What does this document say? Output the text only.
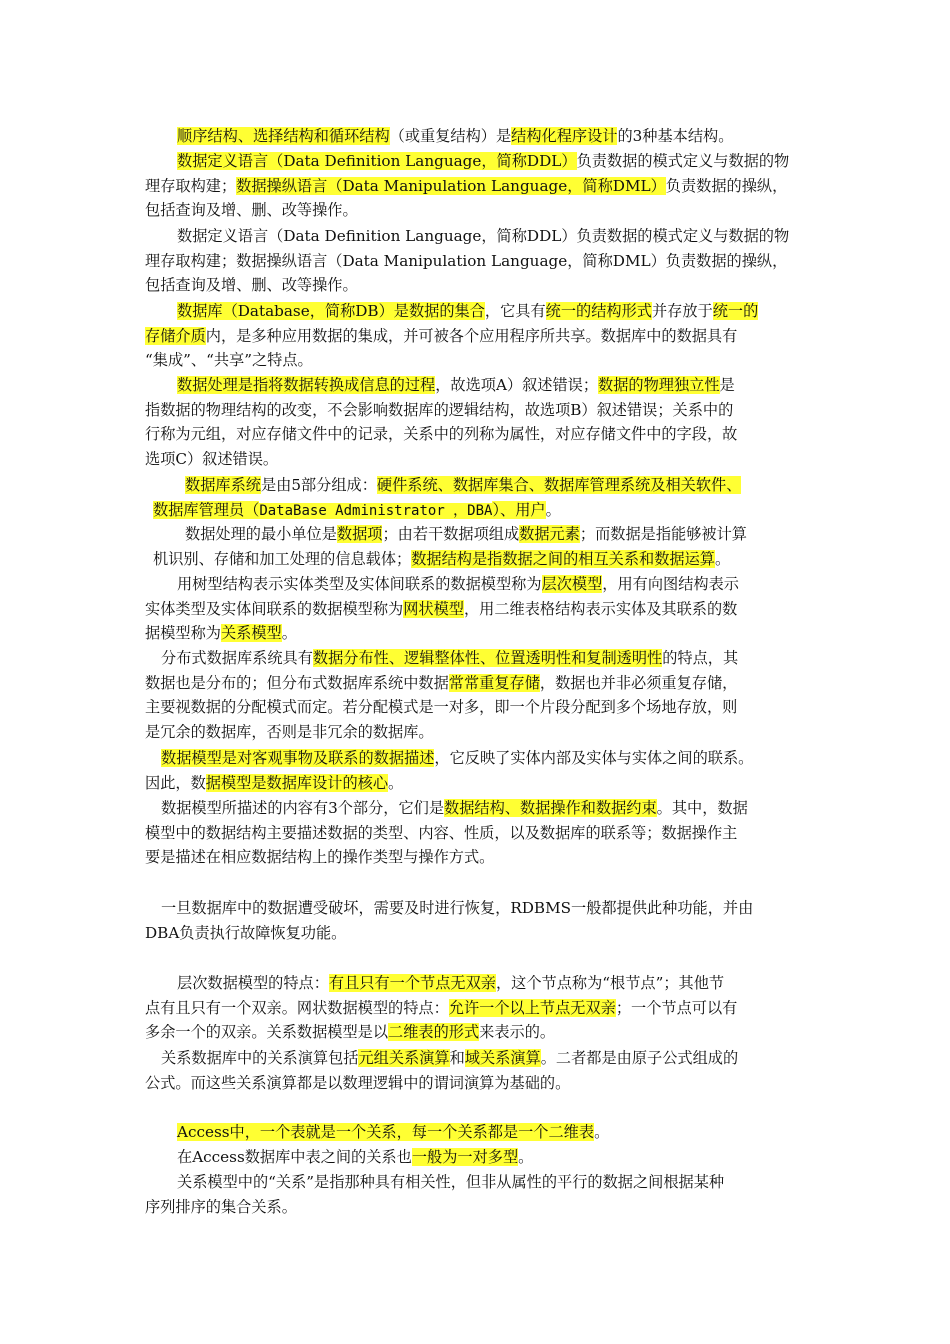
顺序结构、选择结构和循环结构（或重复结构）是结构化程序设计的3种基本结构。
数据定义语言（Data Definition Language，简称DDL）负责数据的模式定义与数据的物
理存取构建；数据操纵语言（Data Manipulation Language，简称DML）负责数据的操纵，
包括查询及增、删、改等操作。
数据定义语言（Data Definition Language，简称DDL）负责数据的模式定义与数据的物
理存取构建；数据操纵语言（Data Manipulation Language，简称DML）负责数据的操纵，
包括查询及增、删、改等操作。
数据库（Database，简称DB）是数据的集合，它具有统一的结构形式并存放于统一的
存储介质内，是多种应用数据的集成，并可被各个应用程序所共享。数据库中的数据具有
“集成”、“共享”之特点。
数据处理是指将数据转换成信息的过程，故选项A）叙述错误；数据的物理独立性是
指数据的物理结构的改变，不会影响数据库的逻辑结构，故选项B）叙述错误；关系中的
行称为元组，对应存储文件中的记录，关系中的列称为属性，对应存储文件中的字段，故
选项C）叙述错误。
数据库系统是由5部分组成：硬件系统、数据库集合、数据库管理系统及相关软件、
数据库管理员（DataBase Administrator ，DBA）、用户。
数据处理的最小单位是数据项；由若干数据项组成数据元素；而数据是指能够被计算
机识别、存储和加工处理的信息载体；数据结构是指数据之间的相互关系和数据运算。
用树型结构表示实体类型及实体间联系的数据模型称为层次模型，用有向图结构表示
实体类型及实体间联系的数据模型称为网状模型，用二维表格结构表示实体及其联系的数
据模型称为关系模型。
分布式数据库系统具有数据分布性、逻辑整体性、位置透明性和复制透明性的特点，其
数据也是分布的；但分布式数据库系统中数据常常重复存储，数据也并非必须重复存储，
主要视数据的分配模式而定。若分配模式是一对多，即一个片段分配到多个场地存放，则
是冗余的数据库，否则是非冗余的数据库。
数据模型是对客观事物及联系的数据描述，它反映了实体内部及实体与实体之间的联系。
因此，数据模型是数据库设计的核心。
数据模型所描述的内容有3个部分，它们是数据结构、数据操作和数据约束。其中，数据
模型中的数据结构主要描述数据的类型、内容、性质，以及数据库的联系等；数据操作主
要是描述在相应数据结构上的操作类型与操作方式。
一旦数据库中的数据遭受破坏，需要及时进行恢复，RDBMS一般都提供此种功能，并由
DBA负责执行故障恢复功能。
层次数据模型的特点：有且只有一个节点无双亲，这个节点称为“根节点”；其他节
点有且只有一个双亲。网状数据模型的特点：允许一个以上节点无双亲；一个节点可以有
多余一个的双亲。关系数据模型是以二维表的形式来表示的。
关系数据库中的关系演算包括元组关系演算和域关系演算。二者都是由原子公式组成的
公式。而这些关系演算都是以数理逻辑中的谓词演算为基础的。
Access中，一个表就是一个关系，每一个关系都是一个二维表。
在Access数据库中表之间的关系也一般为一对多型。
关系模型中的“关系”是指那种具有相关性，但非从属性的平行的数据之间根据某种
序列排序的集合关系。
